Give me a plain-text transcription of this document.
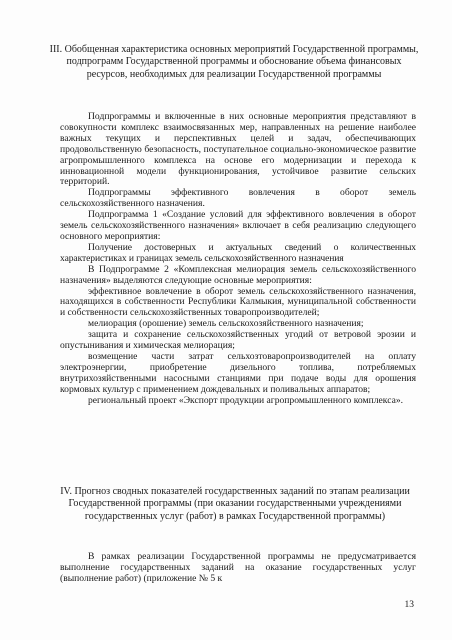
III. Обобщенная характеристика основных мероприятий Государственной программы, подпрограмм Государственной программы и обоснование объема финансовых ресурсов, необходимых для реализации Государственной программы

Подпрограммы и включенные в них основные мероприятия представляют в совокупности комплекс взаимосвязанных мер, направленных на решение наиболее важных текущих и перспективных целей и задач, обеспечивающих продовольственную безопасность, поступательное социально-экономическое развитие агропромышленного комплекса на основе его модернизации и перехода к инновационной модели функционирования, устойчивое развитие сельских территорий.

Подпрограммы эффективного вовлечения в оборот земель сельскохозяйственного назначения.

Подпрограмма 1 «Создание условий для эффективного вовлечения в оборот земель сельскохозяйственного назначения» включает в себя реализацию следующего основного мероприятия:

Получение достоверных и актуальных сведений о количественных характеристиках и границах земель сельскохозяйственного назначения

В Подпрограмме 2 «Комплексная мелиорация земель сельскохозяйственного назначения» выделяются следующие основные мероприятия:

эффективное вовлечение в оборот земель сельскохозяйственного назначения, находящихся в собственности Республики Калмыкия, муниципальной собственности и собственности сельскохозяйственных товаропроизводителей;

мелиорация (орошение) земель сельскохозяйственного назначения;

защита и сохранение сельскохозяйственных угодий от ветровой эрозии и опустынивания и химическая мелиорация;

возмещение части затрат сельхозтоваропроизводителей на оплату электроэнергии, приобретение дизельного топлива, потребляемых внутрихозяйственными насосными станциями при подаче воды для орошения кормовых культур с применением дождевальных и поливальных аппаратов;

региональный проект «Экспорт продукции агропромышленного комплекса».

IV. Прогноз сводных показателей государственных заданий по этапам реализации Государственной программы (при оказании государственными учреждениями государственных услуг (работ) в рамках Государственной программы)

В рамках реализации Государственной программы не предусматривается выполнение государственных заданий на оказание государственных услуг (выполнение работ) (приложение № 5 к

13
